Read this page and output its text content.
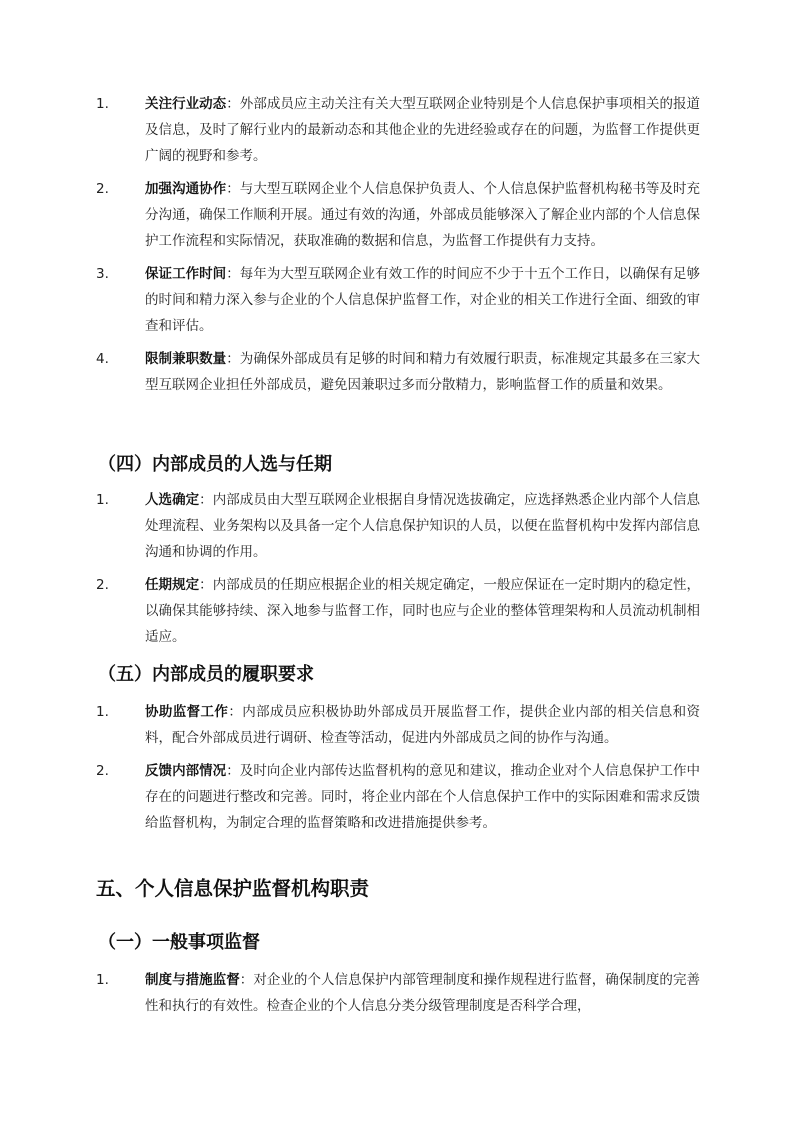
1.	关注行业动态：外部成员应主动关注有关大型互联网企业特别是个人信息保护事项相关的报道及信息，及时了解行业内的最新动态和其他企业的先进经验或存在的问题，为监督工作提供更广阔的视野和参考。
2.	加强沟通协作：与大型互联网企业个人信息保护负责人、个人信息保护监督机构秘书等及时充分沟通，确保工作顺利开展。通过有效的沟通，外部成员能够深入了解企业内部的个人信息保护工作流程和实际情况，获取准确的数据和信息，为监督工作提供有力支持。
3.	保证工作时间：每年为大型互联网企业有效工作的时间应不少于十五个工作日，以确保有足够的时间和精力深入参与企业的个人信息保护监督工作，对企业的相关工作进行全面、细致的审查和评估。
4.	限制兼职数量：为确保外部成员有足够的时间和精力有效履行职责，标准规定其最多在三家大型互联网企业担任外部成员，避免因兼职过多而分散精力，影响监督工作的质量和效果。
（四）内部成员的人选与任期
1.	人选确定：内部成员由大型互联网企业根据自身情况选拔确定，应选择熟悉企业内部个人信息处理流程、业务架构以及具备一定个人信息保护知识的人员，以便在监督机构中发挥内部信息沟通和协调的作用。
2.	任期规定：内部成员的任期应根据企业的相关规定确定，一般应保证在一定时期内的稳定性，以确保其能够持续、深入地参与监督工作，同时也应与企业的整体管理架构和人员流动机制相适应。
（五）内部成员的履职要求
1.	协助监督工作：内部成员应积极协助外部成员开展监督工作，提供企业内部的相关信息和资料，配合外部成员进行调研、检查等活动，促进内外部成员之间的协作与沟通。
2.	反馈内部情况：及时向企业内部传达监督机构的意见和建议，推动企业对个人信息保护工作中存在的问题进行整改和完善。同时，将企业内部在个人信息保护工作中的实际困难和需求反馈给监督机构，为制定合理的监督策略和改进措施提供参考。
五、个人信息保护监督机构职责
（一）一般事项监督
1.	制度与措施监督：对企业的个人信息保护内部管理制度和操作规程进行监督，确保制度的完善性和执行的有效性。检查企业的个人信息分类分级管理制度是否科学合理，
